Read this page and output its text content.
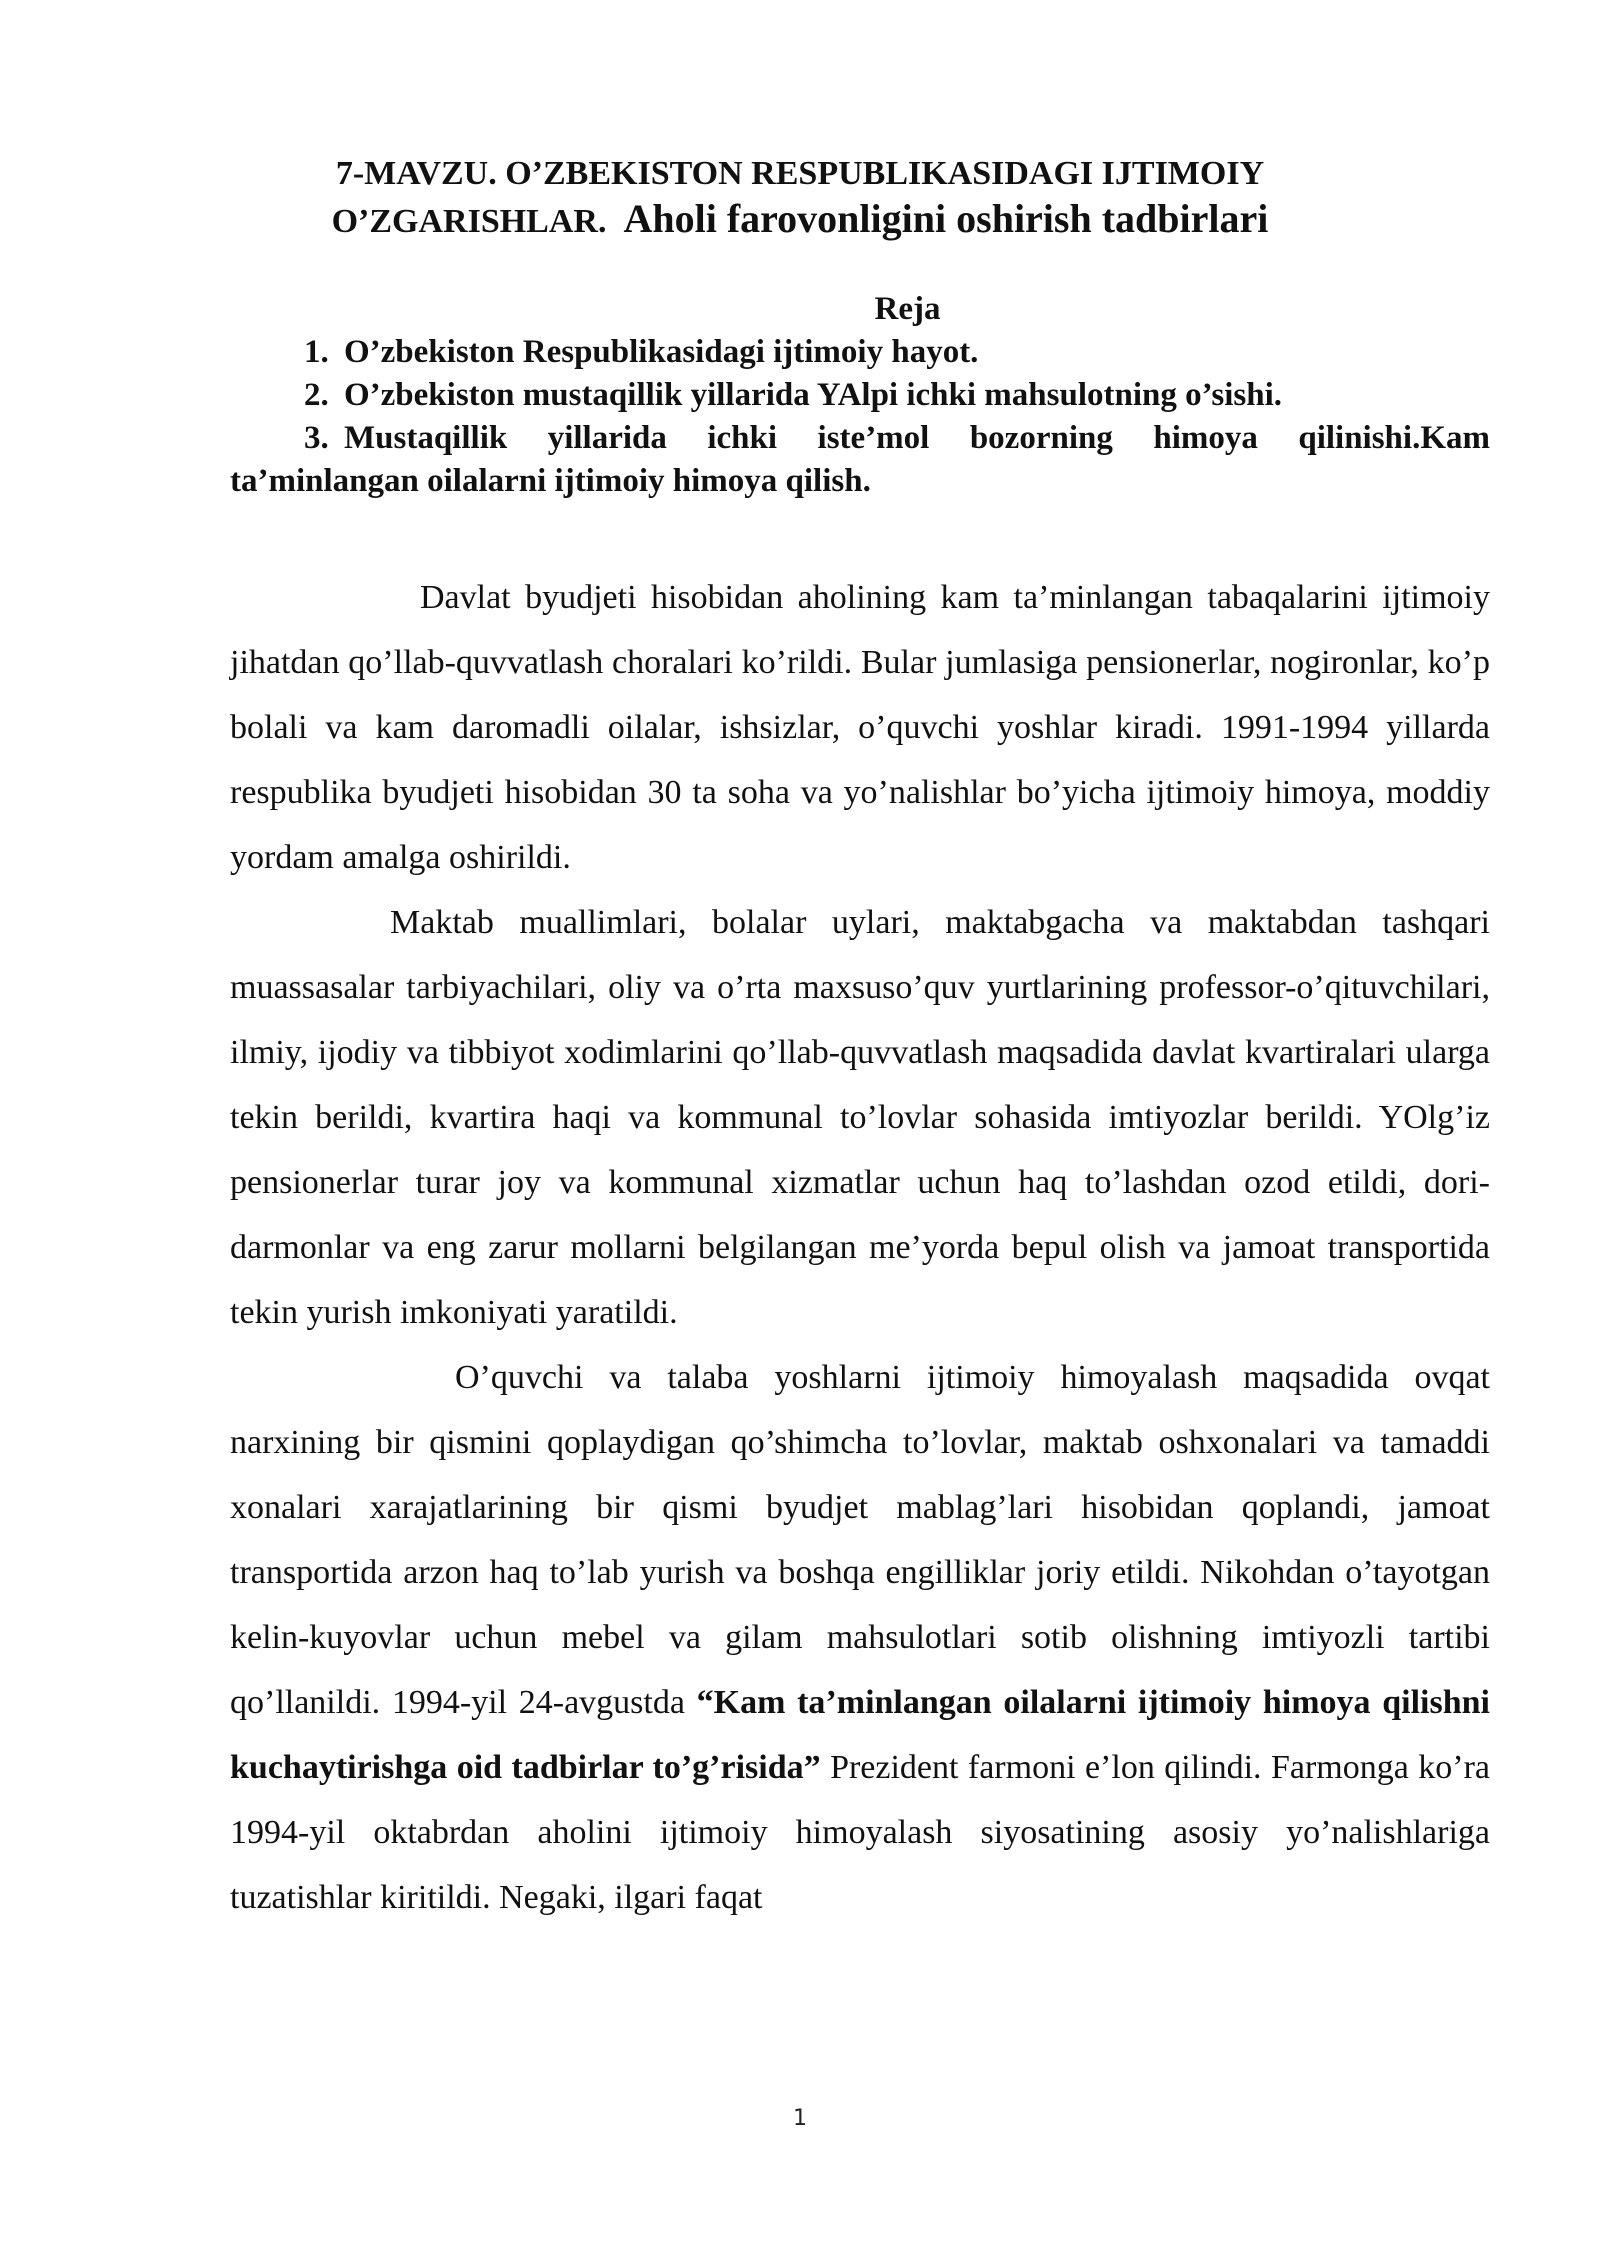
7-MAVZU. O’ZBEKISTON RESPUBLIKASIDAGI IJTIMOIY
O’ZGARISHLAR. Aholi farovonligini oshirish tadbirlari
Reja
1. O’zbekiston Respublikasidagi ijtimoiy hayot.
2. O’zbekiston mustaqillik yillarida YAlpi ichki mahsulotning o’sishi.
3. Mustaqillik yillarida ichki iste’mol bozorning himoya qilinishi.Kam ta’minlangan oilalarni ijtimoiy himoya qilish.

Davlat byudjeti hisobidan aholining kam ta’minlangan tabaqalarini ijtimoiy jihatdan qo’llab-quvvatlash choralari ko’rildi. Bular jumlasiga pensionerlar, nogironlar, ko’p bolali va kam daromadli oilalar, ishsizlar, o’quvchi yoshlar kiradi. 1991-1994 yillarda respublika byudjeti hisobidan 30 ta soha va yo’nalishlar bo’yicha ijtimoiy himoya, moddiy yordam amalga oshirildi.

Maktab muallimlari, bolalar uylari, maktabgacha va maktabdan tashqari muassasalar tarbiyachilari, oliy va o’rta maxsuso’quv yurtlarining professor-o’qituvchilari, ilmiy, ijodiy va tibbiyot xodimlarini qo’llab-quvvatlash maqsadida davlat kvartiralari ularga tekin berildi, kvartira haqi va kommunal to’lovlar sohasida imtiyozlar berildi. YOlg’iz pensionerlar turar joy va kommunal xizmatlar uchun haq to’lashdan ozod etildi, dori-darmonlar va eng zarur mollarni belgilangan me’yorda bepul olish va jamoat transportida tekin yurish imkoniyati yaratildi.

O’quvchi va talaba yoshlarni ijtimoiy himoyalash maqsadida ovqat narxining bir qismini qoplaydigan qo’shimcha to’lovlar, maktab oshxonalari va tamaddi xonalari xarajatlarining bir qismi byudjet mablag’lari hisobidan qoplandi, jamoat transportida arzon haq to’lab yurish va boshqa engilliklar joriy etildi. Nikohdan o’tayotgan kelin-kuyovlar uchun mebel va gilam mahsulotlari sotib olishning imtiyozli tartibi qo’llanildi. 1994-yil 24-avgustda “Kam ta’minlangan oilalarni ijtimoiy himoya qilishni kuchaytirishga oid tadbirlar to’g’risida” Prezident farmoni e’lon qilindi. Farmonga ko’ra 1994-yil oktabrdan aholini ijtimoiy himoyalash siyosatining asosiy yo’nalishlariga tuzatishlar kiritildi. Negaki, ilgari faqat

1
